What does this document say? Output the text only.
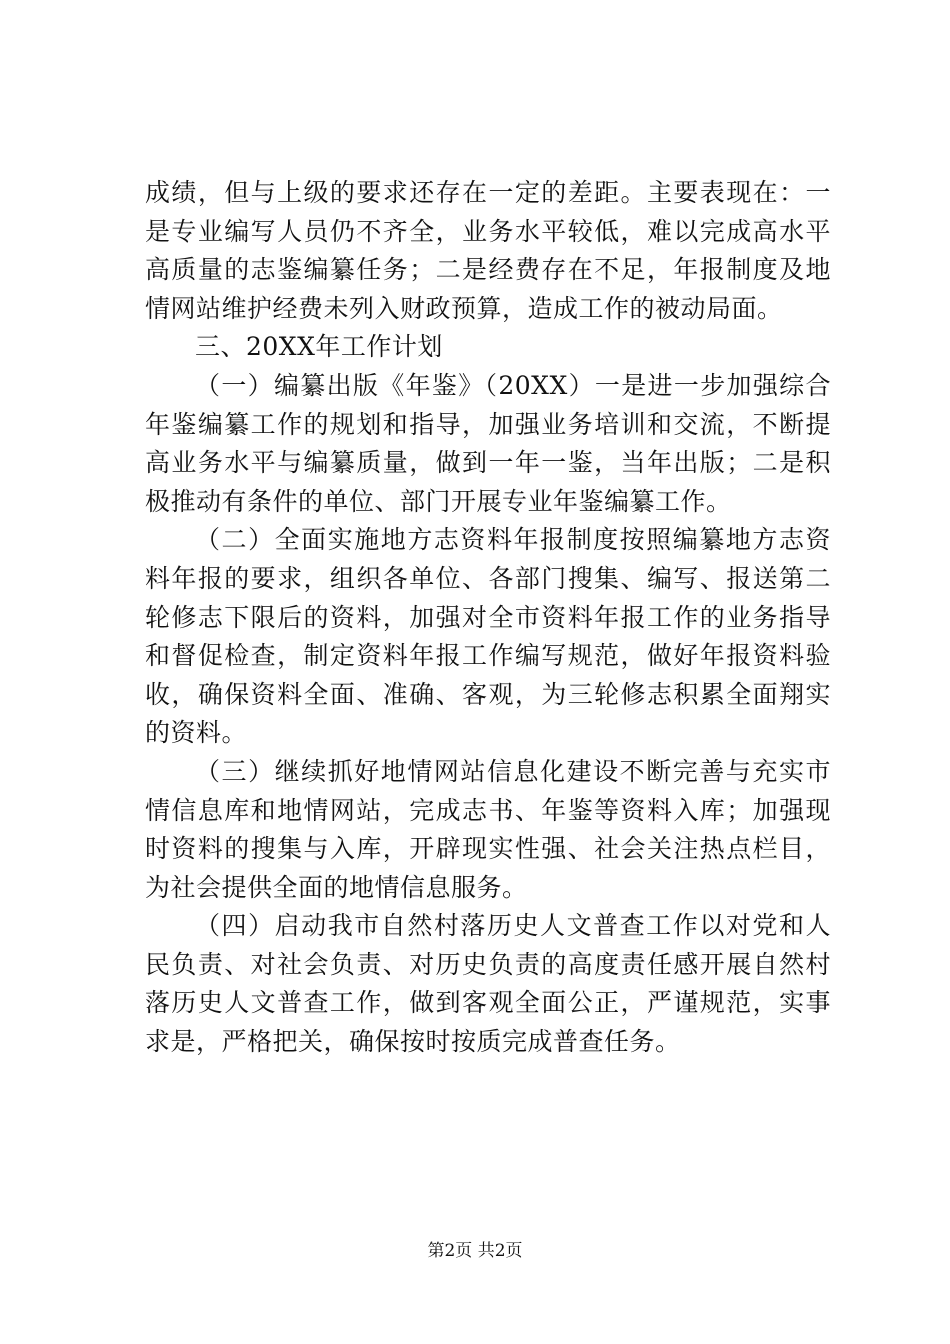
成绩，但与上级的要求还存在一定的差距。主要表现在：一是专业编写人员仍不齐全，业务水平较低，难以完成高水平高质量的志鉴编纂任务；二是经费存在不足，年报制度及地情网站维护经费未列入财政预算，造成工作的被动局面。

三、20XX年工作计划

（一）编纂出版《年鉴》（20XX）一是进一步加强综合年鉴编纂工作的规划和指导，加强业务培训和交流，不断提高业务水平与编纂质量，做到一年一鉴，当年出版；二是积极推动有条件的单位、部门开展专业年鉴编纂工作。

（二）全面实施地方志资料年报制度按照编纂地方志资料年报的要求，组织各单位、各部门搜集、编写、报送第二轮修志下限后的资料，加强对全市资料年报工作的业务指导和督促检查，制定资料年报工作编写规范，做好年报资料验收，确保资料全面、准确、客观，为三轮修志积累全面翔实的资料。

（三）继续抓好地情网站信息化建设不断完善与充实市情信息库和地情网站，完成志书、年鉴等资料入库；加强现时资料的搜集与入库，开辟现实性强、社会关注热点栏目，为社会提供全面的地情信息服务。

（四）启动我市自然村落历史人文普查工作以对党和人民负责、对社会负责、对历史负责的高度责任感开展自然村落历史人文普查工作，做到客观全面公正，严谨规范，实事求是，严格把关，确保按时按质完成普查任务。

第2页 共2页
